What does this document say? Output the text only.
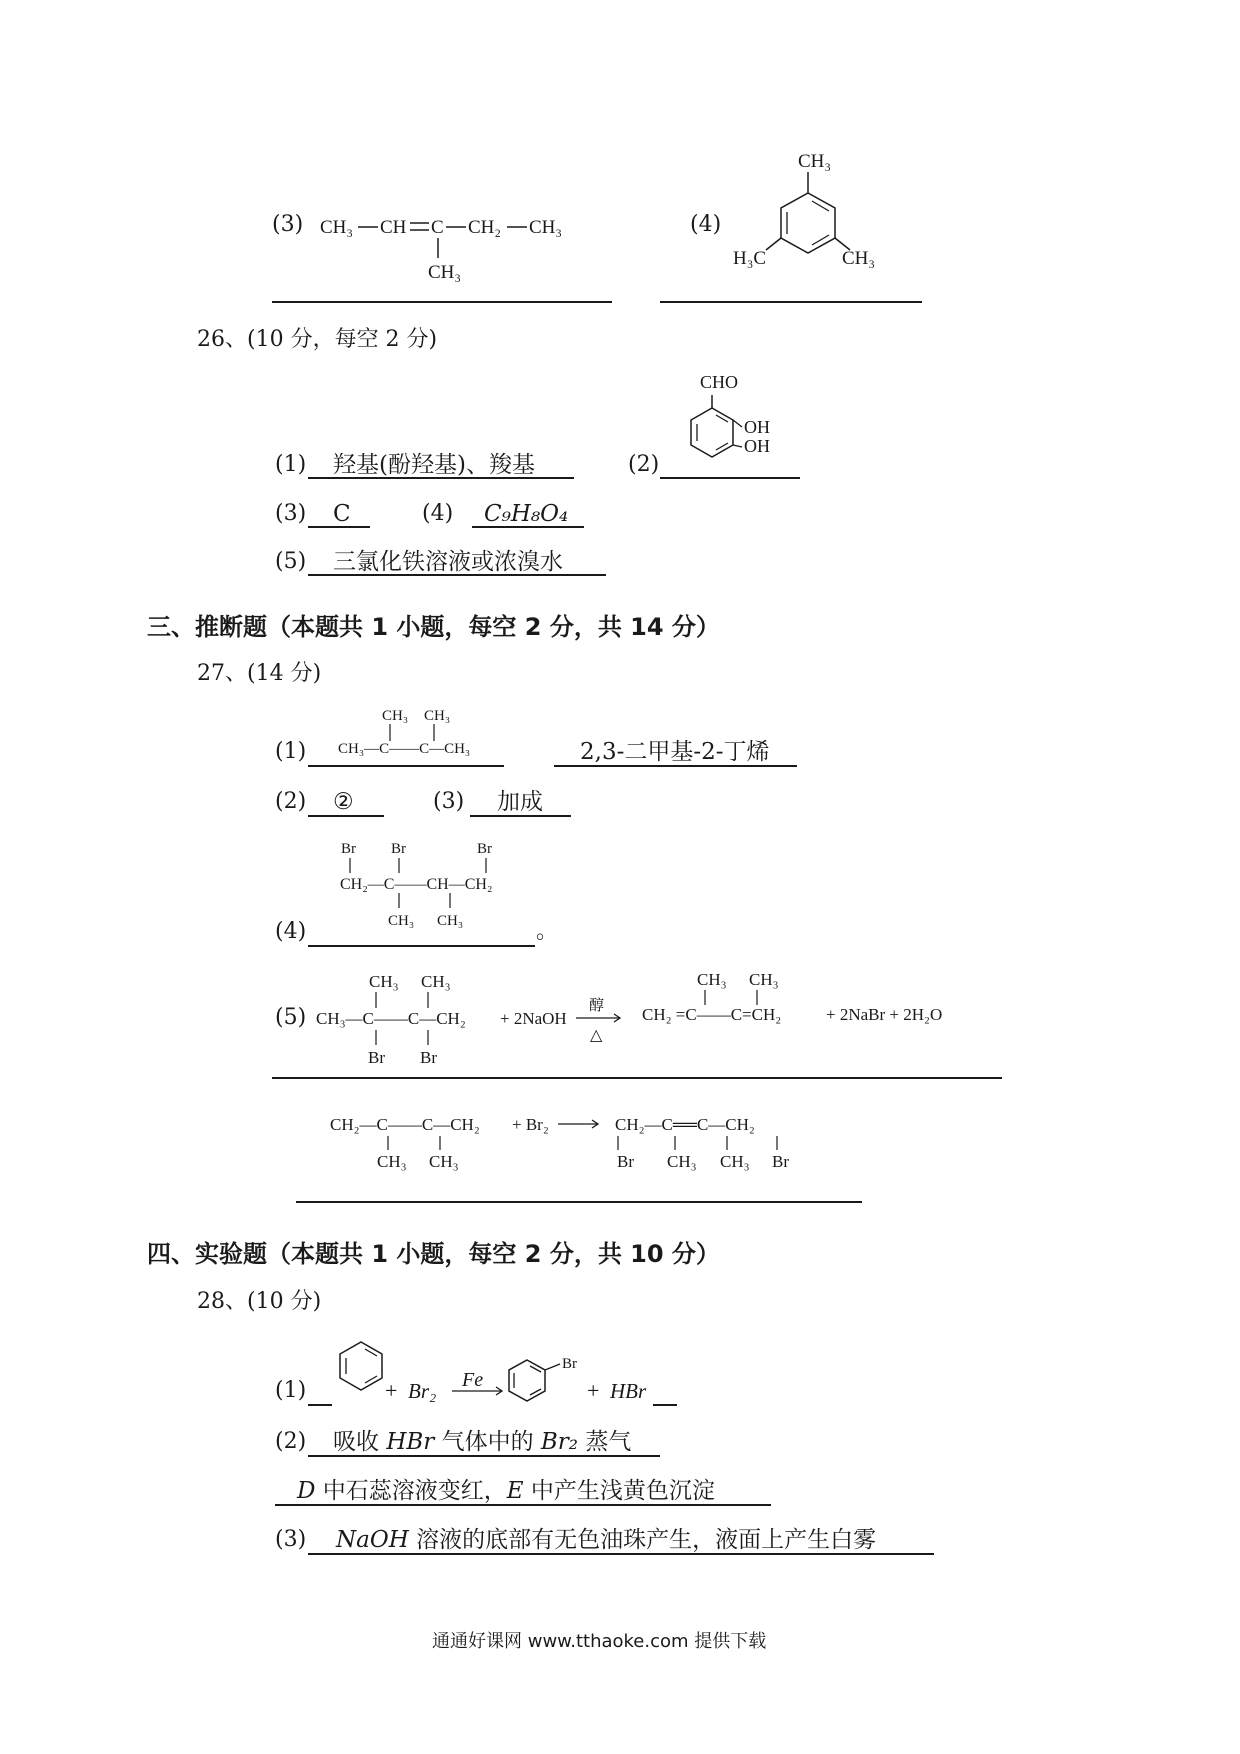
(3) CH₃ CH C CH₂ CH₃
CH₃
(4)
CH₃
H₃C	CH₃
26、(10 分，每空 2 分)
(1) 羟基(酚羟基)、羧基	(2)
CHO
OH
OH
(3) C	(4) C₉H₈O₄
(5) 三氯化铁溶液或浓溴水
三、推断题（本题共 1 小题，每空 2 分，共 14 分）
27、(14 分)
(1)
CH₃ CH₃
CH₃—C——C—CH₃	2,3-二甲基-2-丁烯
(2) ②	(3) 加成
Br Br	Br
CH₂—C——CH—CH₂
CH₃ CH₃
(4)	。
(5)
CH₃ CH₃
CH₃—C——C—CH₂
Br Br
+ 2NaOH
醇
△
CH₃ CH₃
CH₂ =C——C=CH₂	+ 2NaBr + 2H₂O
CH₂—C——C—CH₂
CH₃ CH₃
+ Br₂	CH₂—C══C—CH₂
Br CH₃ CH₃ Br
四、实验题（本题共 1 小题，每空 2 分，共 10 分）
28、(10 分)
(1)	+ Br₂ Fe
Br
+ HBr
(2) 吸收 HBr 气体中的 Br₂ 蒸气
D 中石蕊溶液变红，E 中产生浅黄色沉淀
(3) NaOH 溶液的底部有无色油珠产生，液面上产生白雾
通通好课网 www.tthaoke.com 提供下载
